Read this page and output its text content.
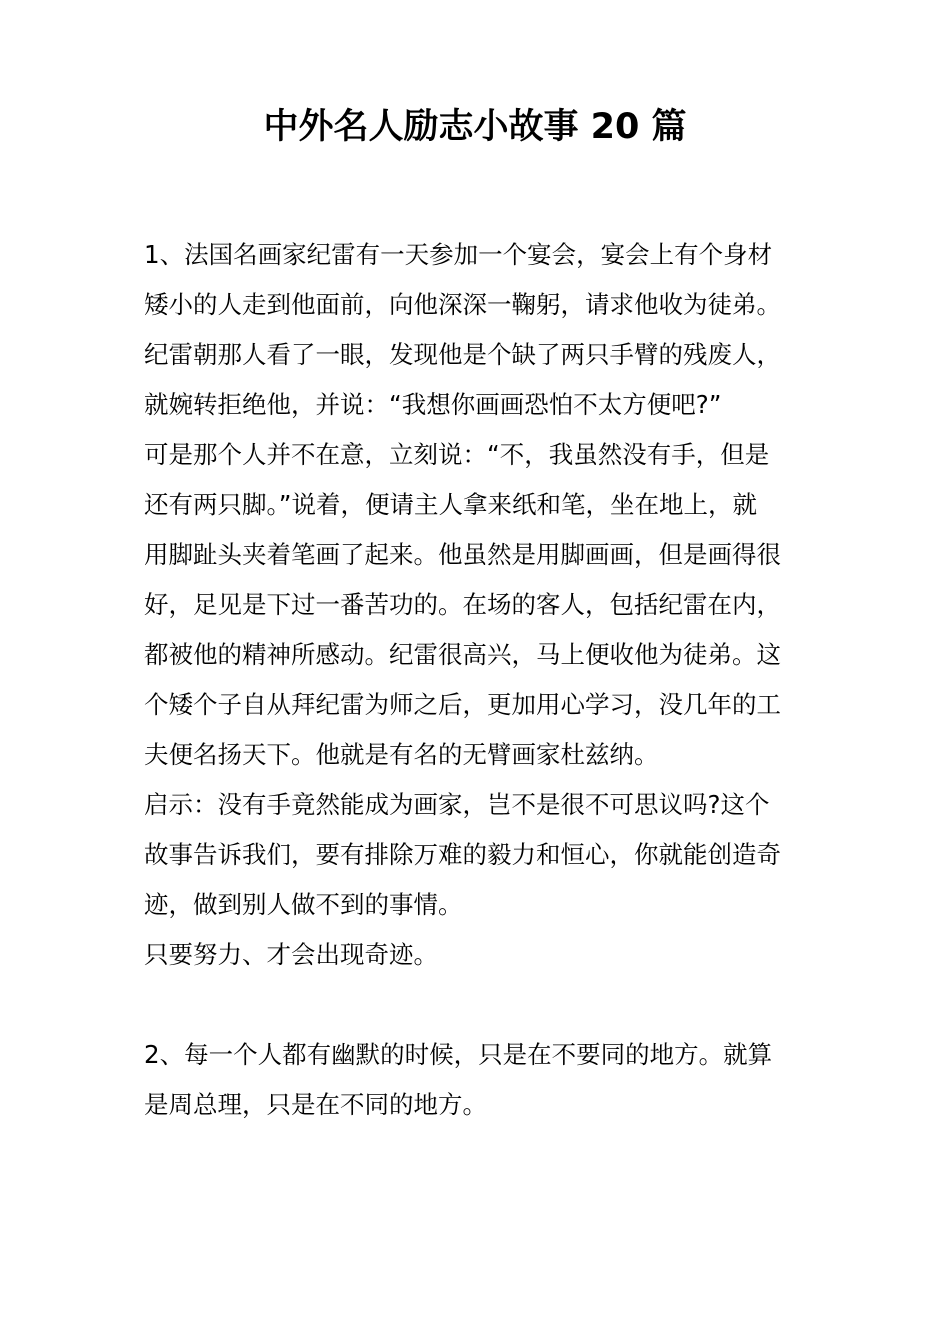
中外名人励志小故事 20 篇
1、法国名画家纪雷有一天参加一个宴会，宴会上有个身材
矮小的人走到他面前，向他深深一鞠躬，请求他收为徒弟。
纪雷朝那人看了一眼，发现他是个缺了两只手臂的残废人，
就婉转拒绝他，并说：“我想你画画恐怕不太方便吧?”
可是那个人并不在意，立刻说：“不，我虽然没有手，但是
还有两只脚。”说着，便请主人拿来纸和笔，坐在地上，就
用脚趾头夹着笔画了起来。他虽然是用脚画画，但是画得很
好，足见是下过一番苦功的。在场的客人，包括纪雷在内，
都被他的精神所感动。纪雷很高兴，马上便收他为徒弟。这
个矮个子自从拜纪雷为师之后，更加用心学习，没几年的工
夫便名扬天下。他就是有名的无臂画家杜兹纳。
启示：没有手竟然能成为画家，岂不是很不可思议吗?这个
故事告诉我们，要有排除万难的毅力和恒心，你就能创造奇
迹，做到别人做不到的事情。
只要努力、才会出现奇迹。
2、每一个人都有幽默的时候，只是在不要同的地方。就算
是周总理，只是在不同的地方。
